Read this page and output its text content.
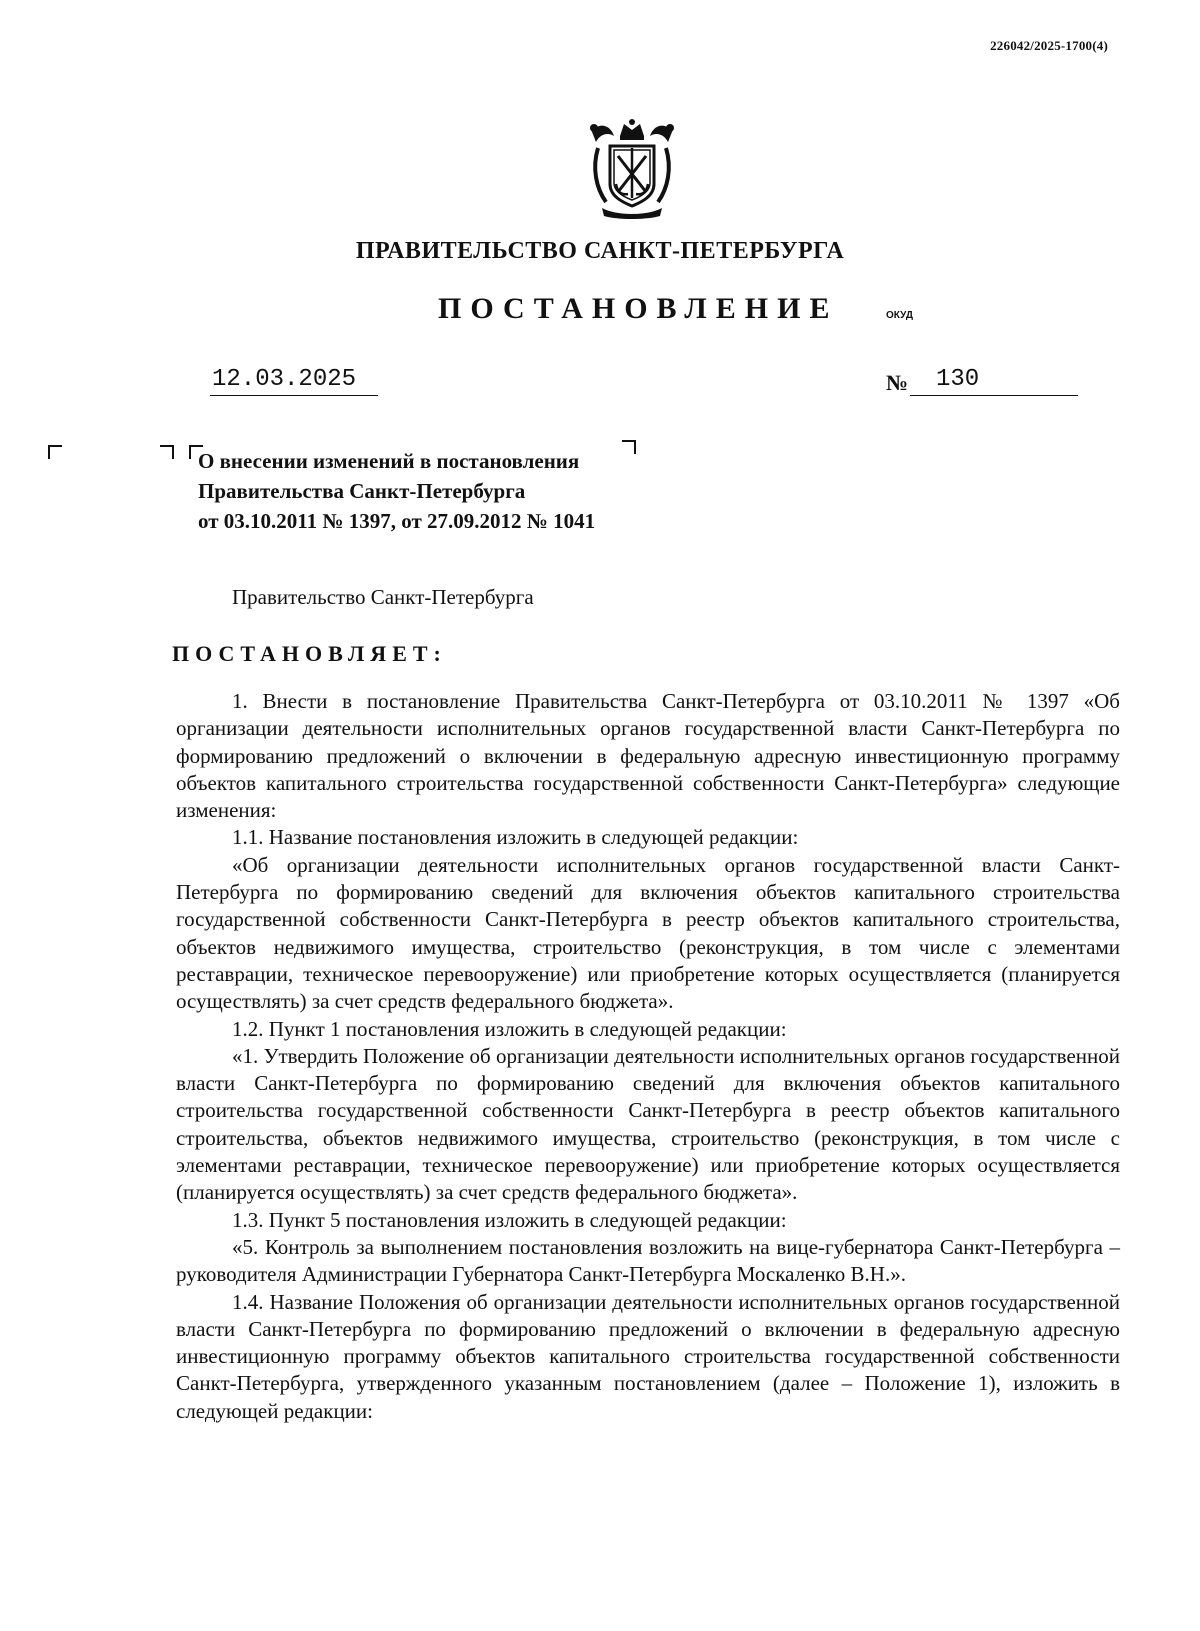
226042/2025-1700(4)
ПРАВИТЕЛЬСТВО САНКТ-ПЕТЕРБУРГА
ПОСТАНОВЛЕНИЕ	ОКУД
12.03.2025	№	130
О внесении изменений в постановления
Правительства Санкт-Петербурга
от 03.10.2011 № 1397, от 27.09.2012 № 1041
Правительство Санкт-Петербурга
ПОСТАНОВЛЯЕТ:

1. Внести в постановление Правительства Санкт-Петербурга от 03.10.2011 № 1397 «Об организации деятельности исполнительных органов государственной власти Санкт-Петербурга по формированию предложений о включении в федеральную адресную инвестиционную программу объектов капитального строительства государственной собственности Санкт-Петербурга» следующие изменения:

1.1. Название постановления изложить в следующей редакции:

«Об организации деятельности исполнительных органов государственной власти Санкт-Петербурга по формированию сведений для включения объектов капитального строительства государственной собственности Санкт-Петербурга в реестр объектов капитального строительства, объектов недвижимого имущества, строительство (реконструкция, в том числе с элементами реставрации, техническое перевооружение) или приобретение которых осуществляется (планируется осуществлять) за счет средств федерального бюджета».

1.2. Пункт 1 постановления изложить в следующей редакции:

«1. Утвердить Положение об организации деятельности исполнительных органов государственной власти Санкт-Петербурга по формированию сведений для включения объектов капитального строительства государственной собственности Санкт-Петербурга в реестр объектов капитального строительства, объектов недвижимого имущества, строительство (реконструкция, в том числе с элементами реставрации, техническое перевооружение) или приобретение которых осуществляется (планируется осуществлять) за счет средств федерального бюджета».

1.3. Пункт 5 постановления изложить в следующей редакции:

«5. Контроль за выполнением постановления возложить на вице-губернатора Санкт-Петербурга – руководителя Администрации Губернатора Санкт-Петербурга Москаленко В.Н.».

1.4. Название Положения об организации деятельности исполнительных органов государственной власти Санкт-Петербурга по формированию предложений о включении в федеральную адресную инвестиционную программу объектов капитального строительства государственной собственности Санкт-Петербурга, утвержденного указанным постановлением (далее – Положение 1), изложить в следующей редакции:
